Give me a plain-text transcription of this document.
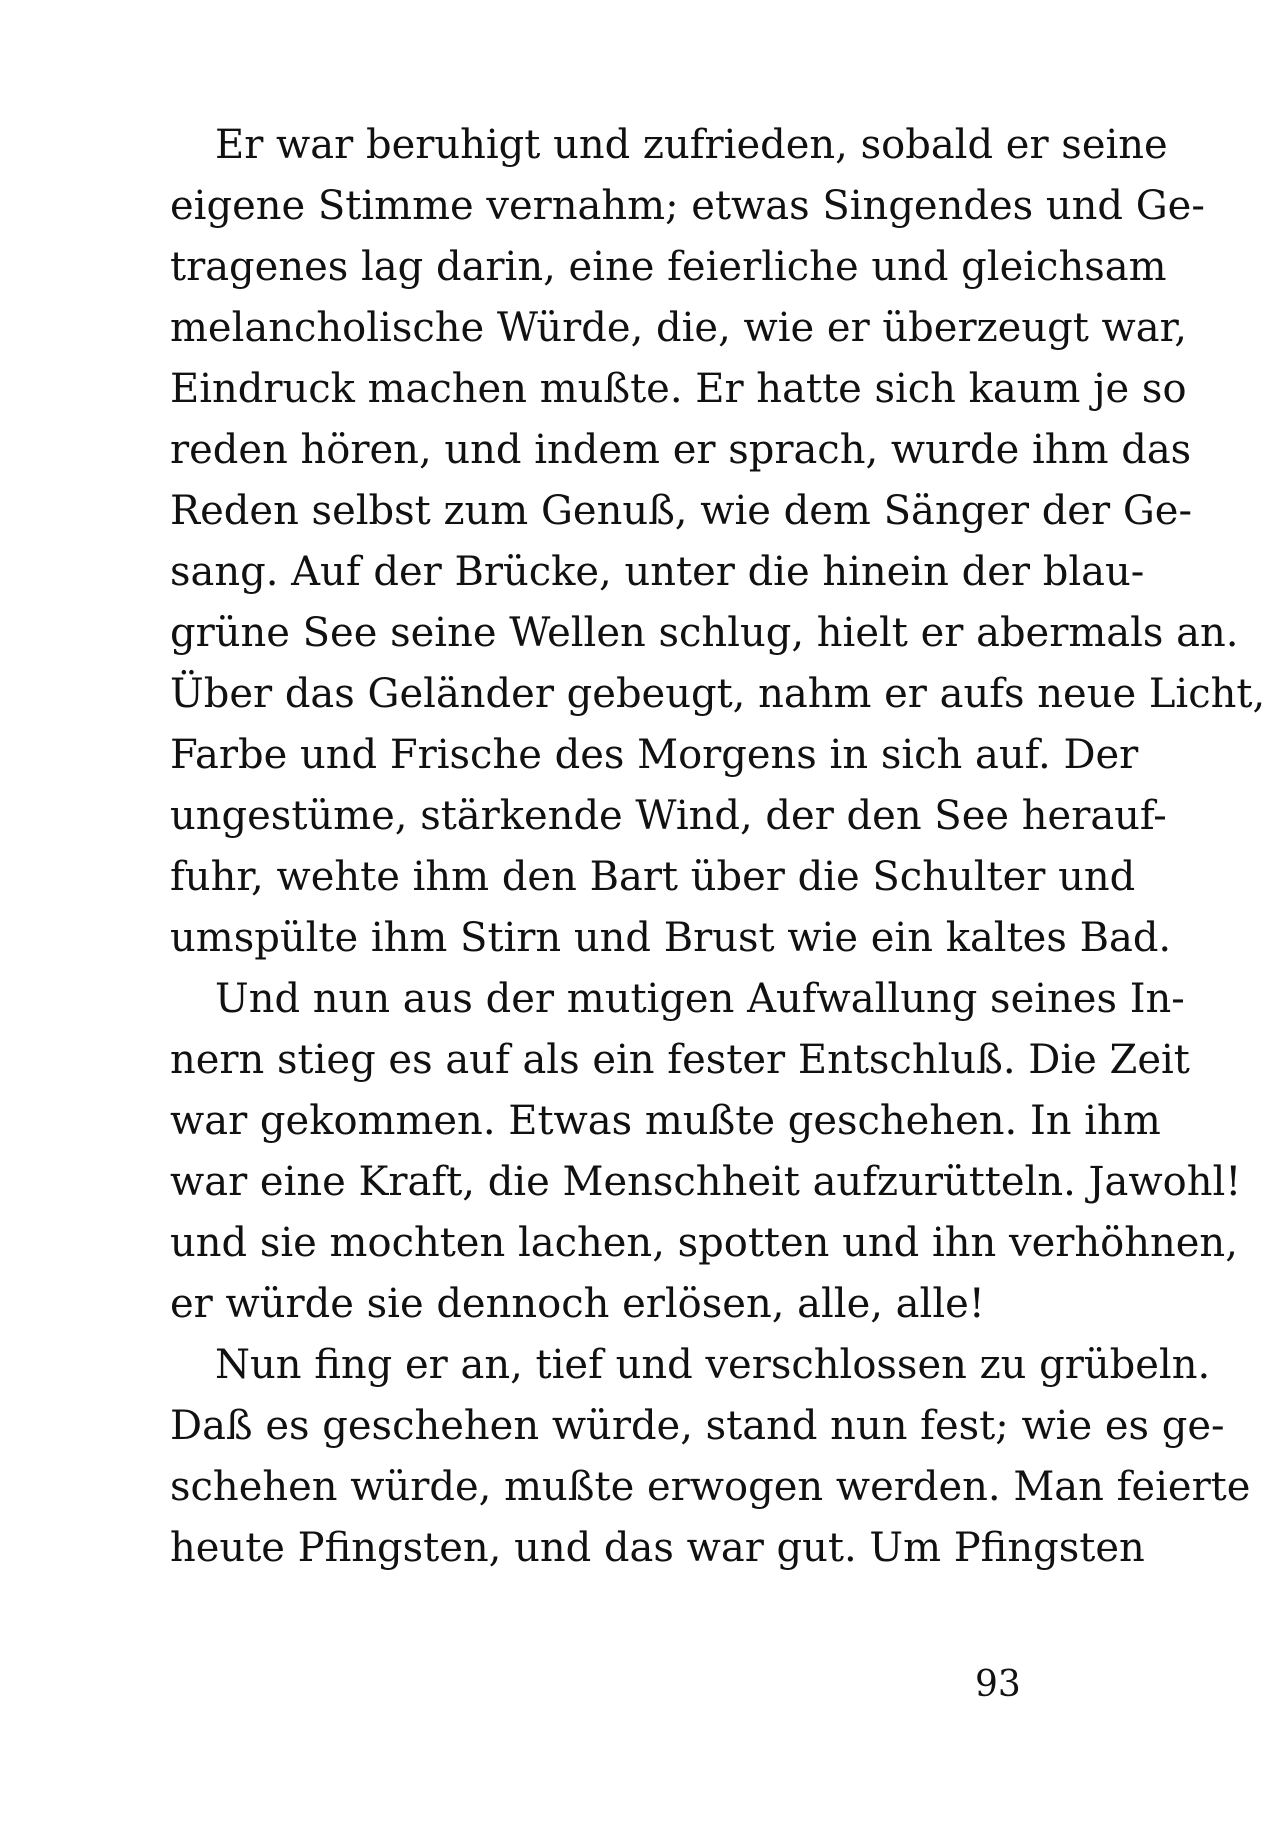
Er war beruhigt und zufrieden, sobald er seine
eigene Stimme vernahm; etwas Singendes und Ge-
tragenes lag darin, eine feierliche und gleichsam
melancholische Würde, die, wie er überzeugt war,
Eindruck machen mußte. Er hatte sich kaum je so
reden hören, und indem er sprach, wurde ihm das
Reden selbst zum Genuß, wie dem Sänger der Ge-
sang. Auf der Brücke, unter die hinein der blau-
grüne See seine Wellen schlug, hielt er abermals an.
Über das Geländer gebeugt, nahm er aufs neue Licht,
Farbe und Frische des Morgens in sich auf. Der
ungestüme, stärkende Wind, der den See herauf-
fuhr, wehte ihm den Bart über die Schulter und
umspülte ihm Stirn und Brust wie ein kaltes Bad.
Und nun aus der mutigen Aufwallung seines In-
nern stieg es auf als ein fester Entschluß. Die Zeit
war gekommen. Etwas mußte geschehen. In ihm
war eine Kraft, die Menschheit aufzurütteln. Jawohl!
und sie mochten lachen, spotten und ihn verhöhnen,
er würde sie dennoch erlösen, alle, alle!
Nun fing er an, tief und verschlossen zu grübeln.
Daß es geschehen würde, stand nun fest; wie es ge-
schehen würde, mußte erwogen werden. Man feierte
heute Pfingsten, und das war gut. Um Pfingsten
93
